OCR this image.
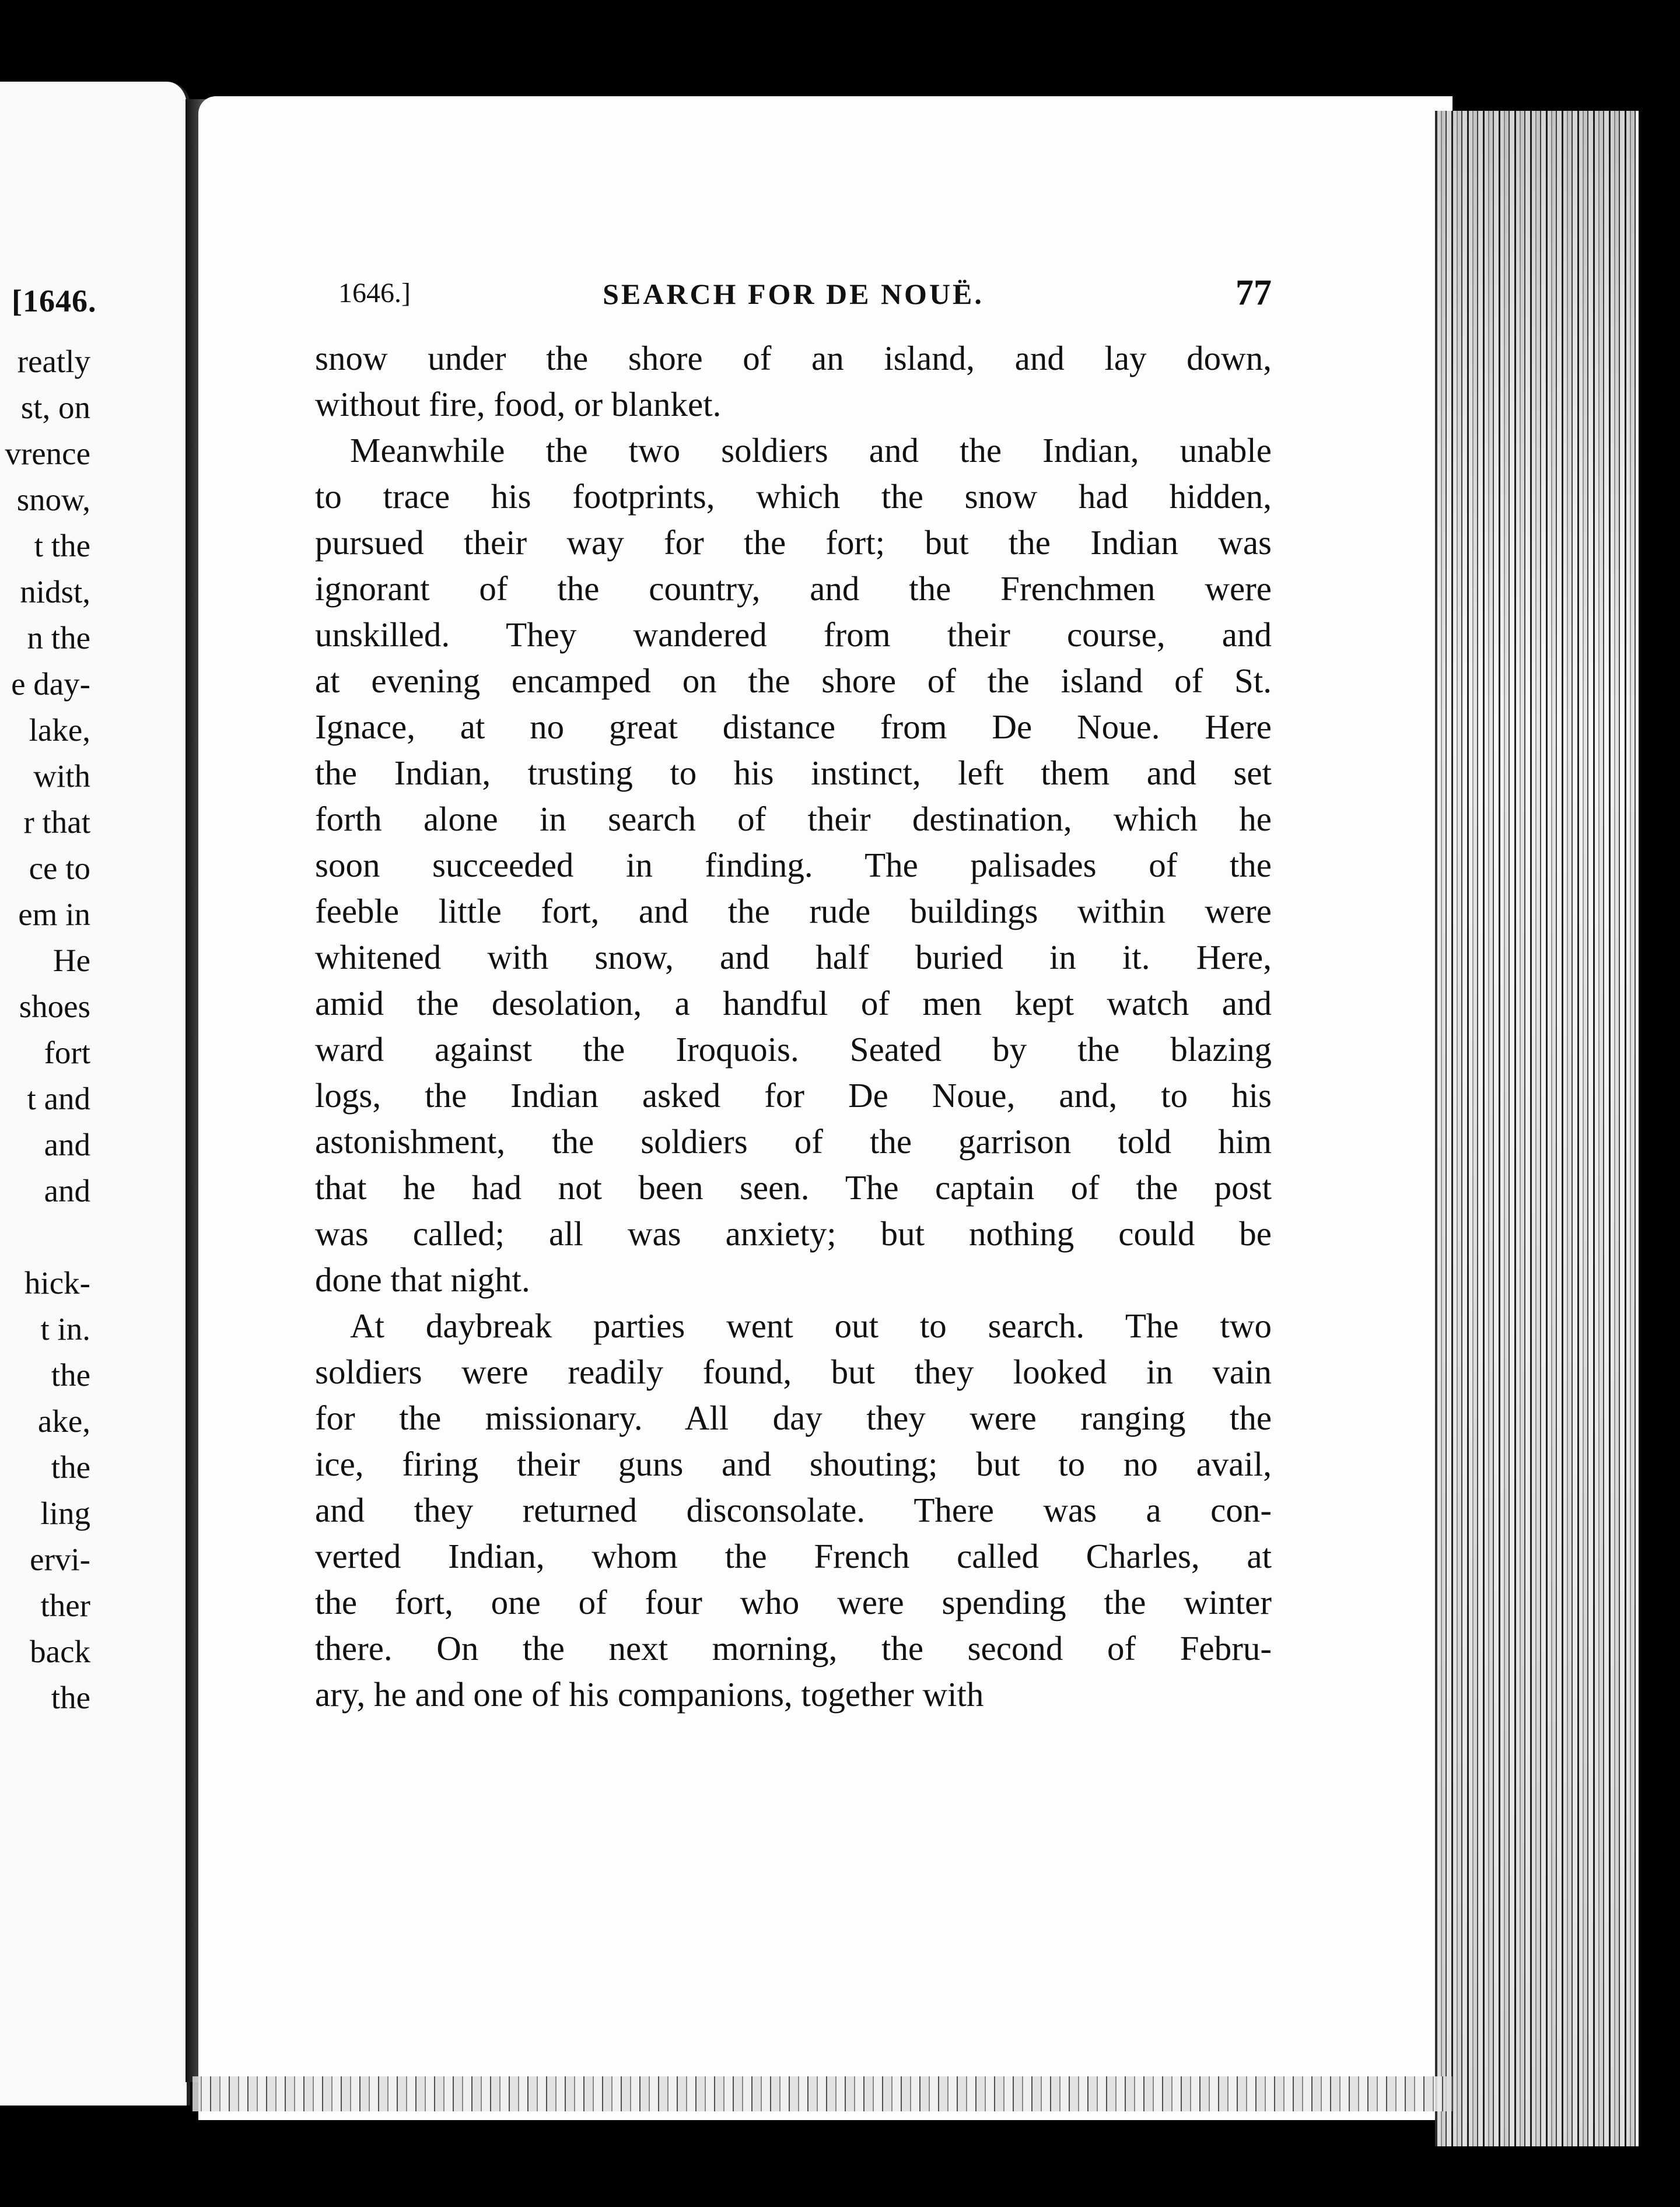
[1646.
reatly
st, on
vrence
snow,
t the
nidst,
n the
e day-
lake,
with
r that
ce to
em in
He
shoes
fort
t and
and
and
hick-
t in.
the
ake,
the
ling
ervi-
ther
back
the
1646.]	SEARCH FOR DE NOUË.	77
snow under the shore of an island, and lay down,
without fire, food, or blanket.
Meanwhile the two soldiers and the Indian, unable
to trace his footprints, which the snow had hidden,
pursued their way for the fort; but the Indian was
ignorant of the country, and the Frenchmen were
unskilled. They wandered from their course, and
at evening encamped on the shore of the island of St.
Ignace, at no great distance from De Noue. Here
the Indian, trusting to his instinct, left them and set
forth alone in search of their destination, which he
soon succeeded in finding. The palisades of the
feeble little fort, and the rude buildings within were
whitened with snow, and half buried in it. Here,
amid the desolation, a handful of men kept watch and
ward against the Iroquois. Seated by the blazing
logs, the Indian asked for De Noue, and, to his
astonishment, the soldiers of the garrison told him
that he had not been seen. The captain of the post
was called; all was anxiety; but nothing could be
done that night.
At daybreak parties went out to search. The two
soldiers were readily found, but they looked in vain
for the missionary. All day they were ranging the
ice, firing their guns and shouting; but to no avail,
and they returned disconsolate. There was a con-
verted Indian, whom the French called Charles, at
the fort, one of four who were spending the winter
there. On the next morning, the second of Febru-
ary, he and one of his companions, together with
